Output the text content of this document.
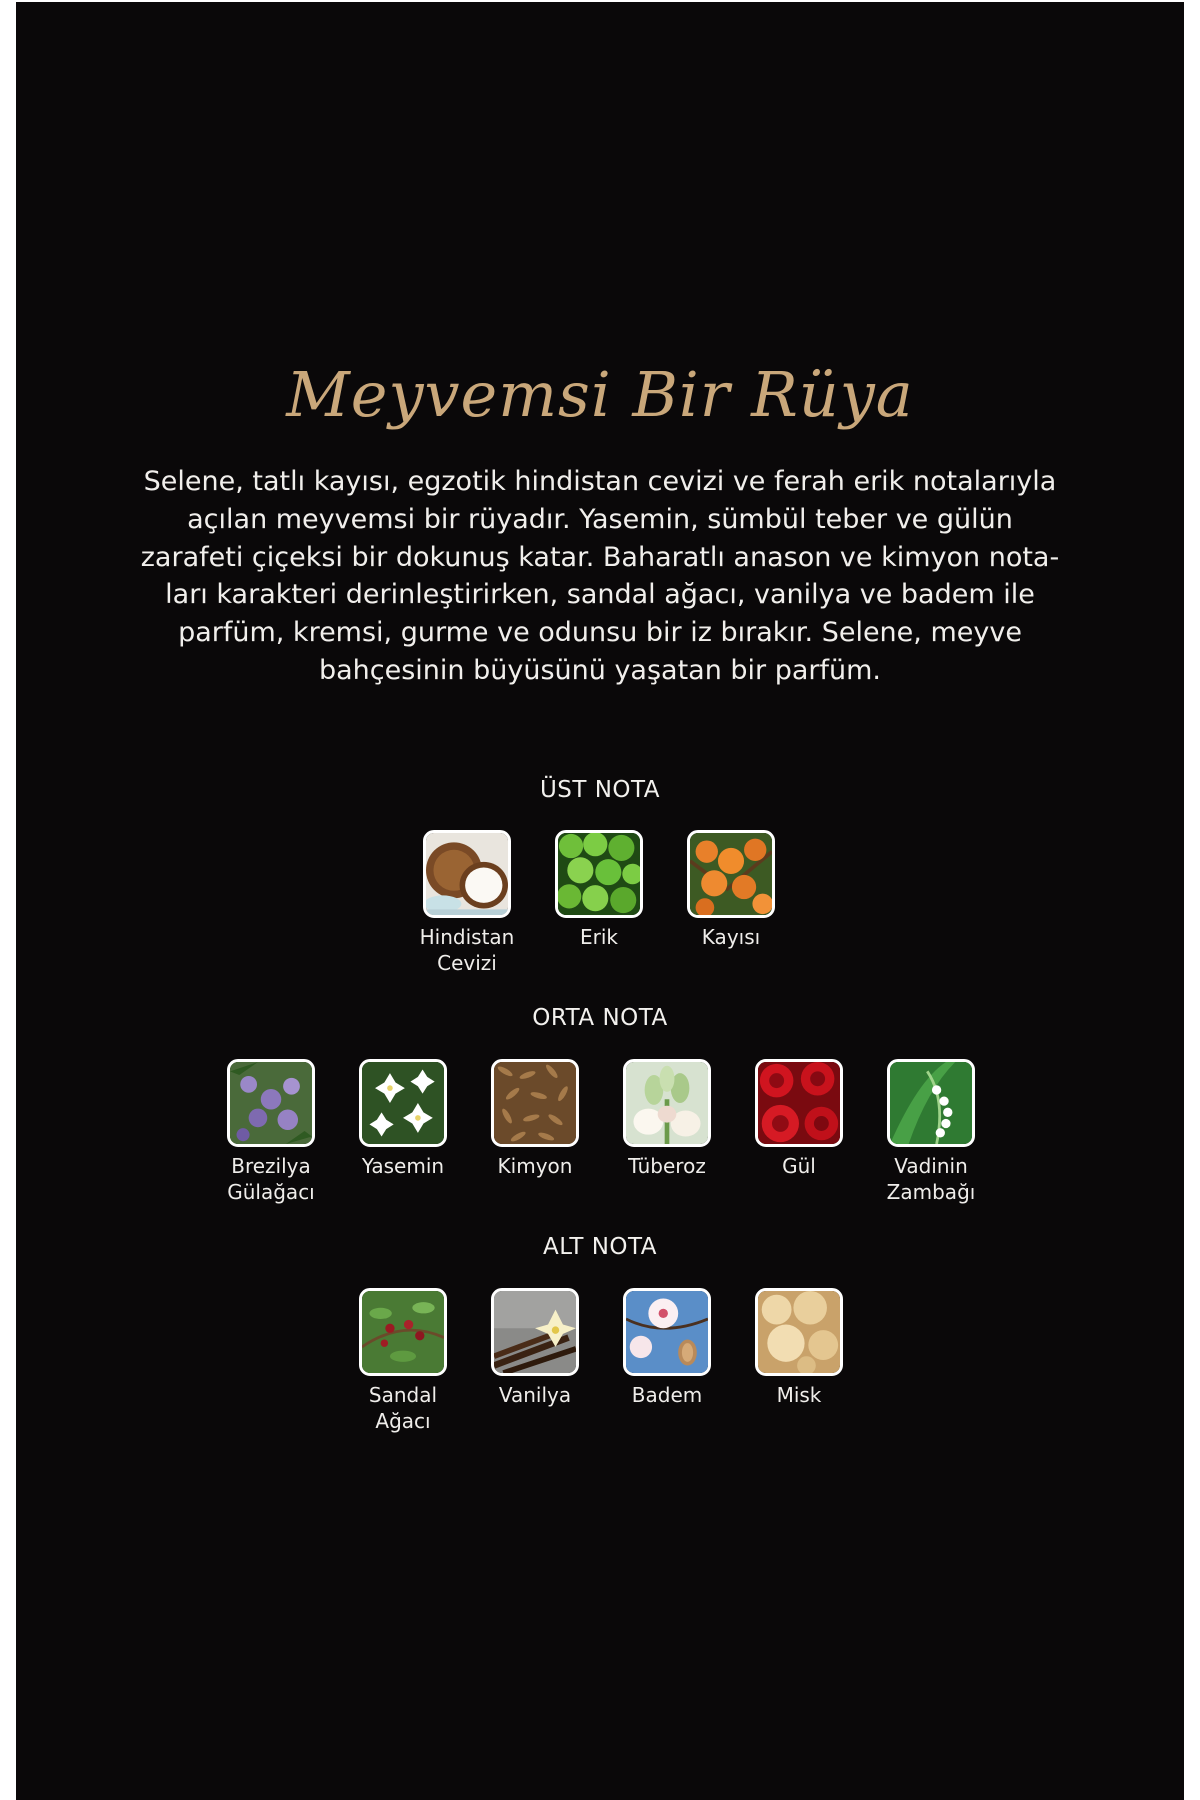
Meyvemsi Bir Rüya

Selene, tatlı kayısı, egzotik hindistan cevizi ve ferah erik notalarıyla
açılan meyvemsi bir rüyadır. Yasemin, sümbül teber ve gülün
zarafeti çiçeksi bir dokunuş katar. Baharatlı anason ve kimyon nota-
ları karakteri derinleştirirken, sandal ağacı, vanilya ve badem ile
parfüm, kremsi, gurme ve odunsu bir iz bırakır. Selene, meyve
bahçesinin büyüsünü yaşatan bir parfüm.

ÜST NOTA
Hindistan
Cevizi
Erik	Kayısı

ORTA NOTA
Brezilya
Gülağacı
Yasemin	Kimyon	Tüberoz	Gül	Vadinin
Zambağı
ALT NOTA
Sandal
Ağacı
Vanilya	Badem	Misk
